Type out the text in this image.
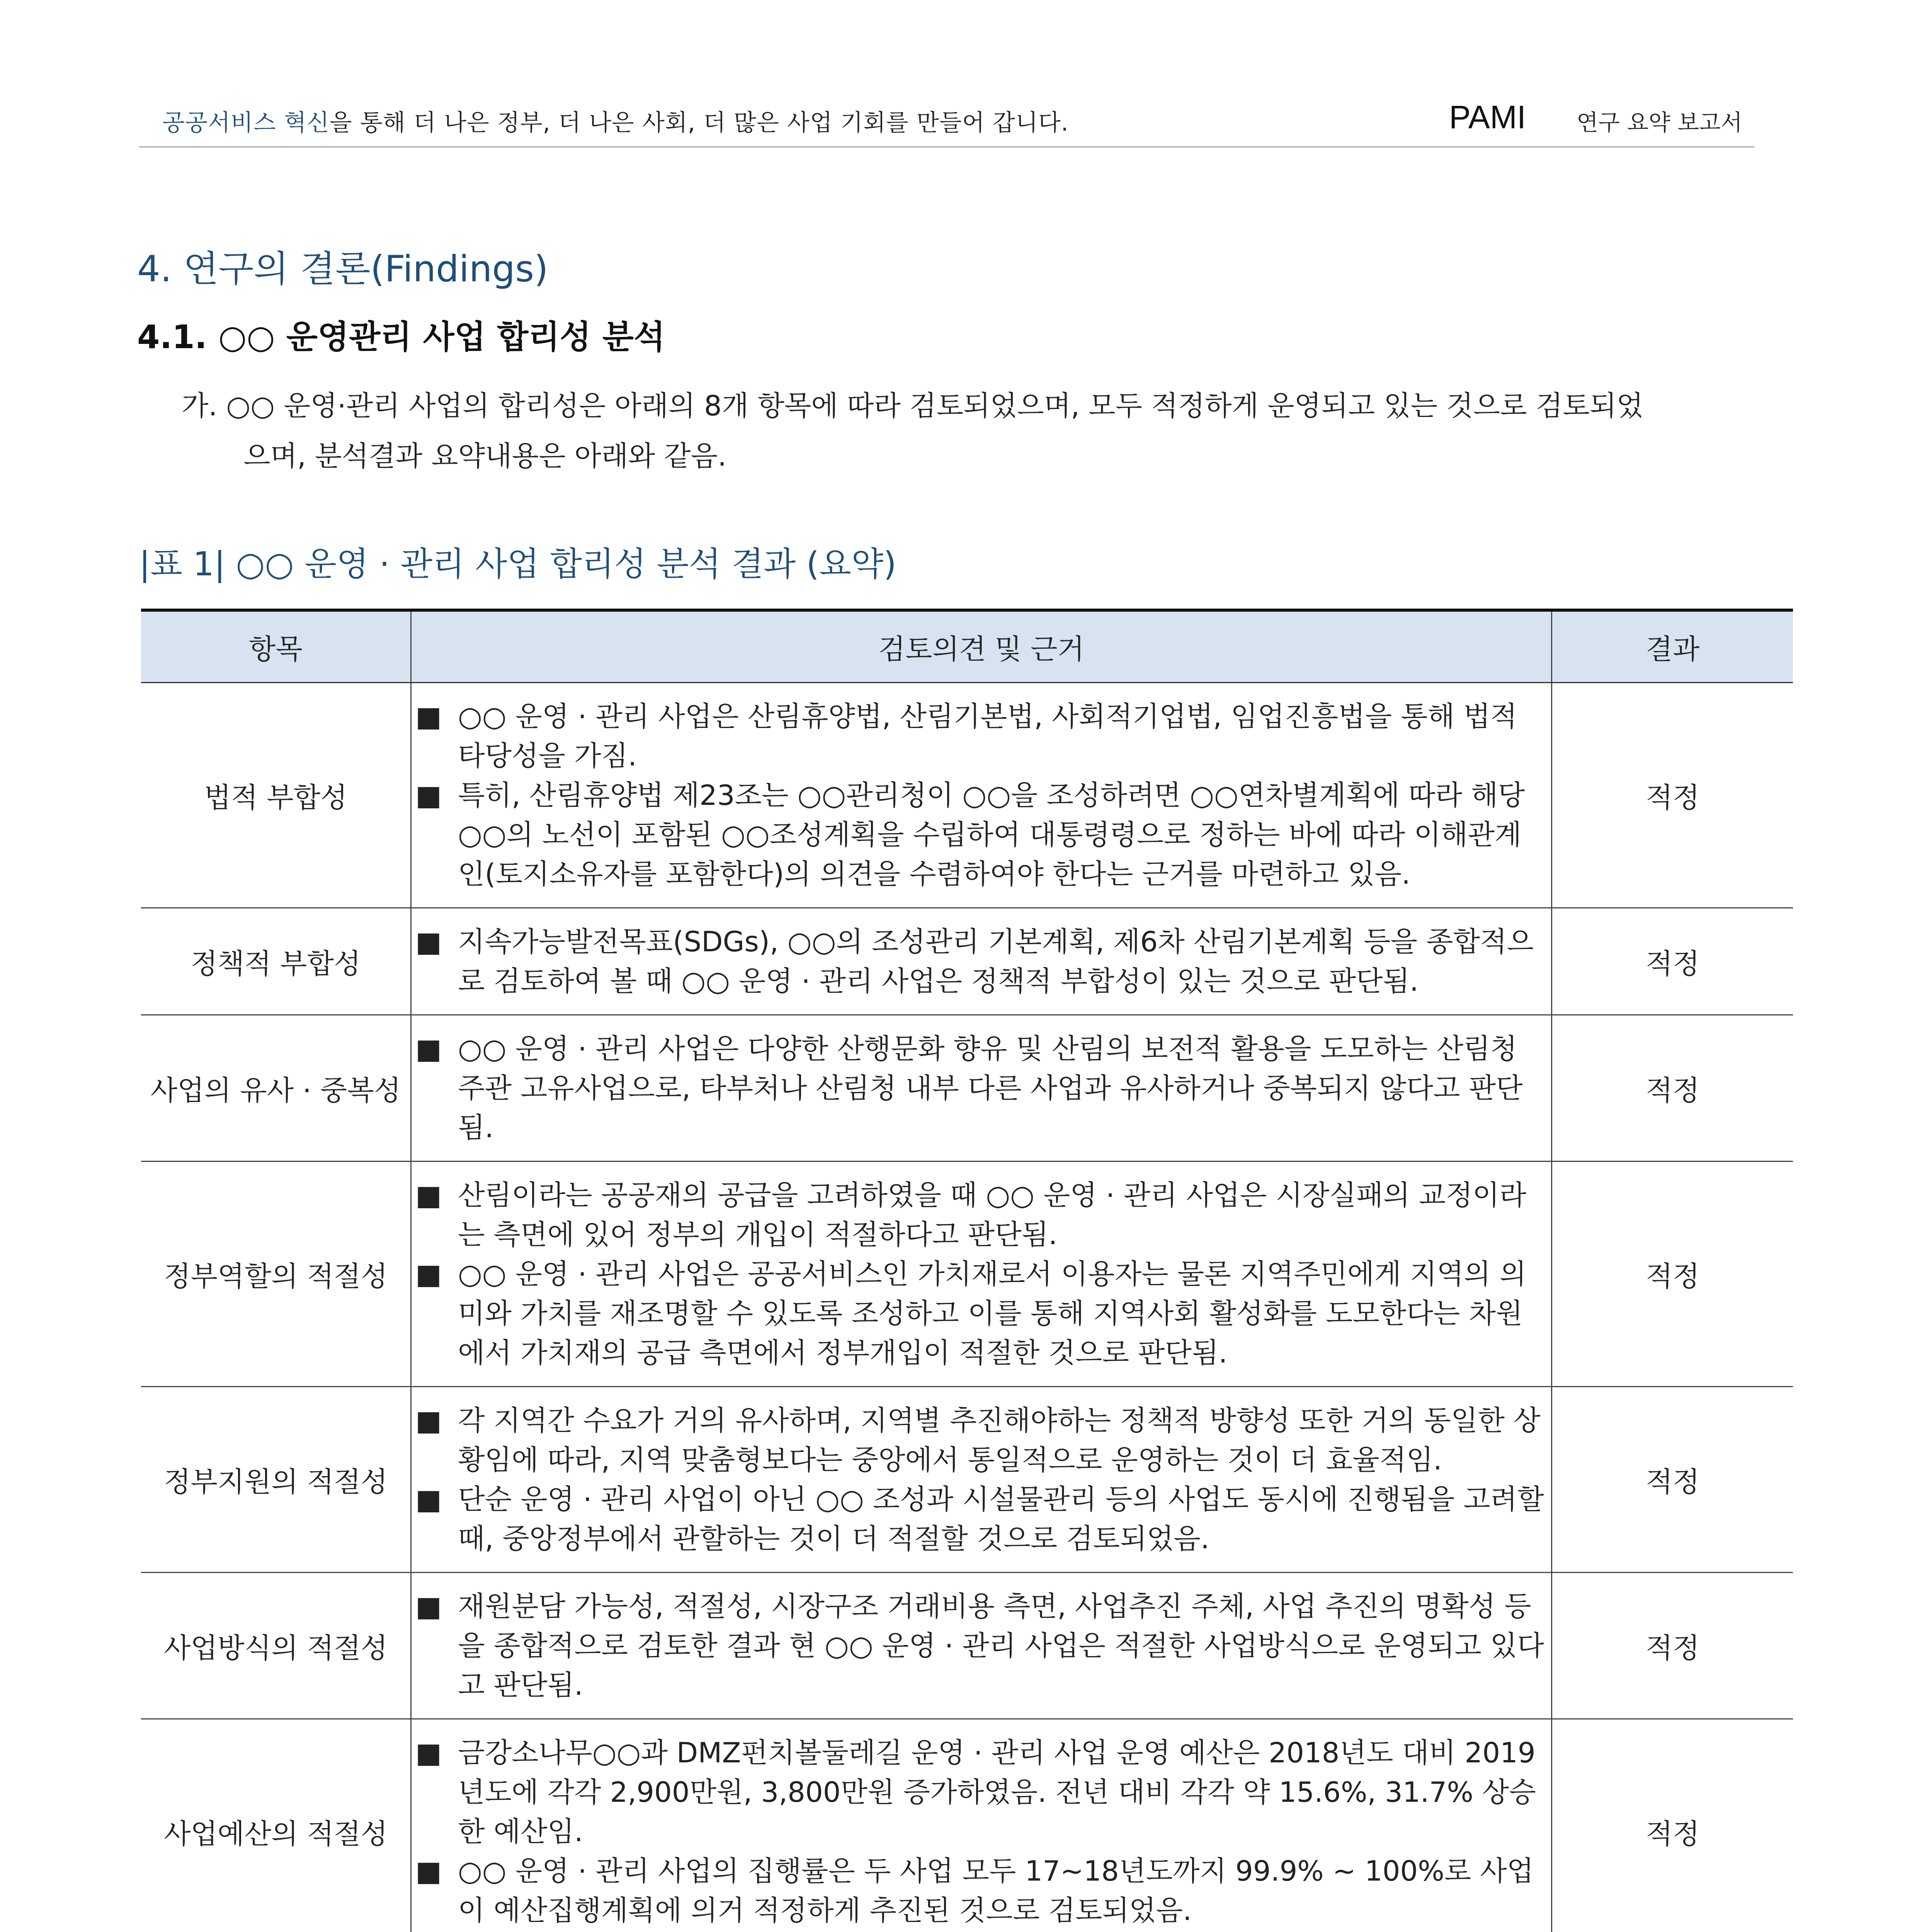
공공서비스 혁신을 통해 더 나은 정부, 더 나은 사회, 더 많은 사업 기회를 만들어 갑니다.	PAMI 연구 요약 보고서
4. 연구의 결론(Findings)
4.1. ○○ 운영관리 사업 합리성 분석
가. ○○ 운영·관리 사업의 합리성은 아래의 8개 항목에 따라 검토되었으며, 모두 적정하게 운영되고 있는 것으로 검토되었
으며, 분석결과 요약내용은 아래와 같음.
|표 1| ○○ 운영 · 관리 사업 합리성 분석 결과 (요약)
항목	검토의견 및 근거	결과
법적 부합성	■ ○○ 운영 · 관리 사업은 산림휴양법, 산림기본법, 사회적기업법, 임업진흥법을 통해 법적 타당성을 가짐.
■ 특히, 산림휴양법 제23조는 ○○관리청이 ○○을 조성하려면 ○○연차별계획에 따라 해당 ○○의 노선이 포함된 ○○조성계획을 수립하여 대통령령으로 정하는 바에 따라 이해관계인(토지소유자를 포함한다)의 의견을 수렴하여야 한다는 근거를 마련하고 있음.	적정
정책적 부합성	■ 지속가능발전목표(SDGs), ○○의 조성관리 기본계획, 제6차 산림기본계획 등을 종합적으로 검토하여 볼 때 ○○ 운영 · 관리 사업은 정책적 부합성이 있는 것으로 판단됨.	적정
사업의 유사 · 중복성	■ ○○ 운영 · 관리 사업은 다양한 산행문화 향유 및 산림의 보전적 활용을 도모하는 산림청 주관 고유사업으로, 타부처나 산림청 내부 다른 사업과 유사하거나 중복되지 않다고 판단됨.	적정
정부역할의 적절성	■ 산림이라는 공공재의 공급을 고려하였을 때 ○○ 운영 · 관리 사업은 시장실패의 교정이라는 측면에 있어 정부의 개입이 적절하다고 판단됨.
■ ○○ 운영 · 관리 사업은 공공서비스인 가치재로서 이용자는 물론 지역주민에게 지역의 의미와 가치를 재조명할 수 있도록 조성하고 이를 통해 지역사회 활성화를 도모한다는 차원에서 가치재의 공급 측면에서 정부개입이 적절한 것으로 판단됨.	적정
정부지원의 적절성	■ 각 지역간 수요가 거의 유사하며, 지역별 추진해야하는 정책적 방향성 또한 거의 동일한 상황임에 따라, 지역 맞춤형보다는 중앙에서 통일적으로 운영하는 것이 더 효율적임.
■ 단순 운영 · 관리 사업이 아닌 ○○ 조성과 시설물관리 등의 사업도 동시에 진행됨을 고려할 때, 중앙정부에서 관할하는 것이 더 적절할 것으로 검토되었음.	적정
사업방식의 적절성	■ 재원분담 가능성, 적절성, 시장구조 거래비용 측면, 사업추진 주체, 사업 추진의 명확성 등을 종합적으로 검토한 결과 현 ○○ 운영 · 관리 사업은 적절한 사업방식으로 운영되고 있다고 판단됨.	적정
사업예산의 적절성	■ 금강소나무○○과 DMZ펀치볼둘레길 운영 · 관리 사업 운영 예산은 2018년도 대비 2019년도에 각각 2,900만원, 3,800만원 증가하였음. 전년 대비 각각 약 15.6%, 31.7% 상승한 예산임.
■ ○○ 운영 · 관리 사업의 집행률은 두 사업 모두 17~18년도까지 99.9% ~ 100%로 사업이 예산집행계획에 의거 적정하게 추진된 것으로 검토되었음.	적정
